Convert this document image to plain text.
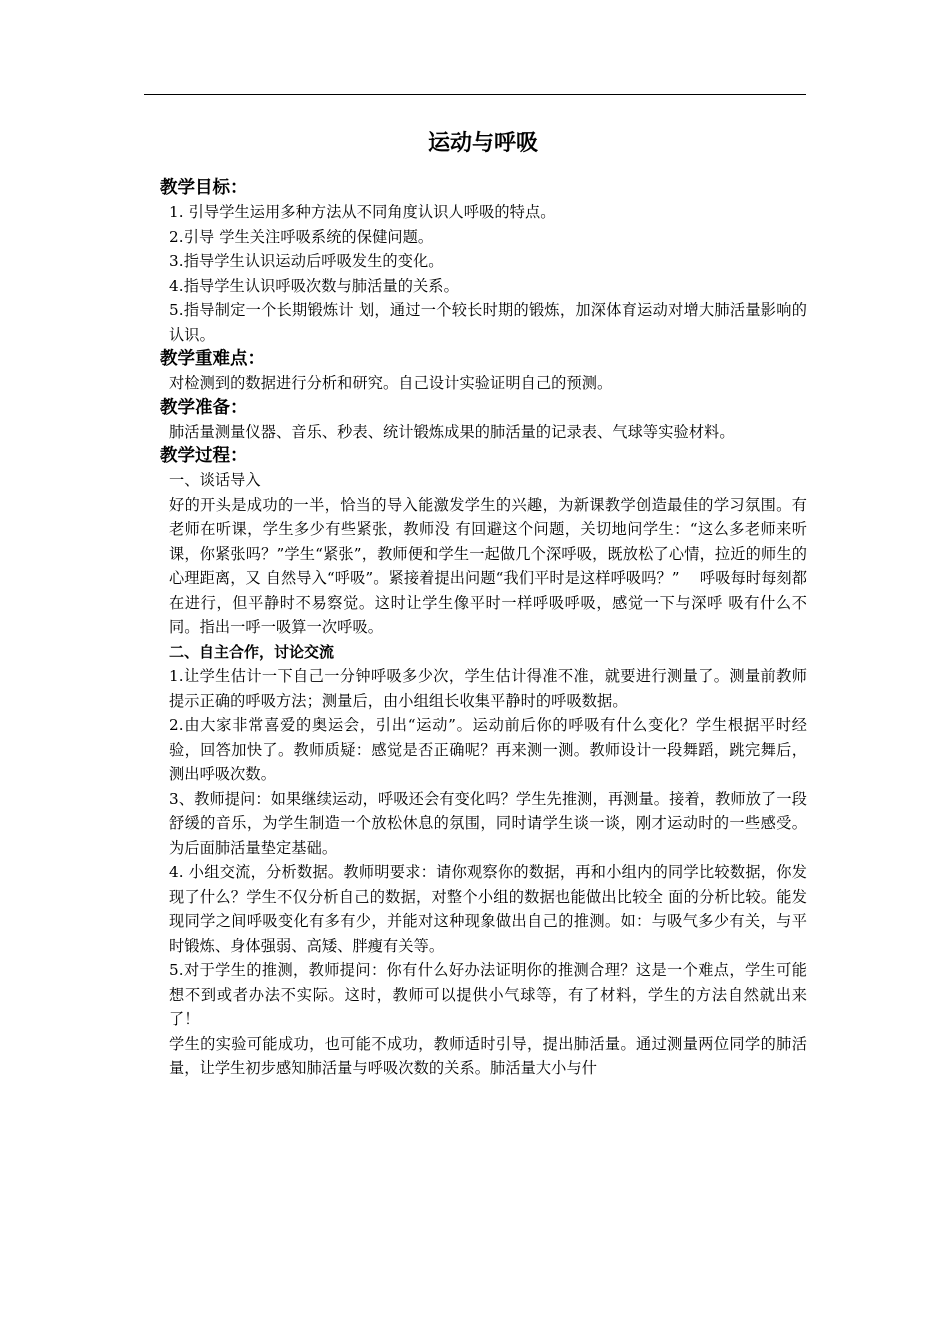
运动与呼吸
教学目标：

1. 引导学生运用多种方法从不同角度认识人呼吸的特点。

2.引导 学生关注呼吸系统的保健问题。

3.指导学生认识运动后呼吸发生的变化。

4.指导学生认识呼吸次数与肺活量的关系。

5.指导制定一个长期锻炼计 划，通过一个较长时期的锻炼，加深体育运动对增大肺活量影响的认识。

教学重难点：

对检测到的数据进行分析和研究。自己设计实验证明自己的预测。

教学准备：

肺活量测量仪器、音乐、秒表、统计锻炼成果的肺活量的记录表、气球等实验材料。

教学过程：

一、谈话导入

好的开头是成功的一半，恰当的导入能激发学生的兴趣，为新课教学创造最佳的学习氛围。有老师在听课，学生多少有些紧张，教师没 有回避这个问题，关切地问学生：“这么多老师来听课，你紧张吗？”学生“紧张”，教师便和学生一起做几个深呼吸，既放松了心情，拉近的师生的心理距离，又 自然导入“呼吸”。紧接着提出问题“我们平时是这样呼吸吗？”　 呼吸每时每刻都在进行，但平静时不易察觉。这时让学生像平时一样呼吸呼吸，感觉一下与深呼 吸有什么不同。指出一呼一吸算一次呼吸。

二、自主合作，讨论交流

1.让学生估计一下自己一分钟呼吸多少次，学生估计得准不准，就要进行测量了。测量前教师提示正确的呼吸方法；测量后，由小组组长收集平静时的呼吸数据。

2.由大家非常喜爱的奥运会，引出“运动”。运动前后你的呼吸有什么变化？学生根据平时经验，回答加快了。教师质疑：感觉是否正确呢？再来测一测。教师设计一段舞蹈，跳完舞后，测出呼吸次数。

3、教师提问：如果继续运动，呼吸还会有变化吗？学生先推测，再测量。接着，教师放了一段舒缓的音乐，为学生制造一个放松休息的氛围，同时请学生谈一谈，刚才运动时的一些感受。为后面肺活量垫定基础。

4. 小组交流，分析数据。教师明要求：请你观察你的数据，再和小组内的同学比较数据，你发现了什么？学生不仅分析自己的数据，对整个小组的数据也能做出比较全 面的分析比较。能发现同学之间呼吸变化有多有少，并能对这种现象做出自己的推测。如：与吸气多少有关，与平时锻炼、身体强弱、高矮、胖瘦有关等。

5.对于学生的推测，教师提问：你有什么好办法证明你的推测合理？这是一个难点，学生可能想不到或者办法不实际。这时，教师可以提供小气球等，有了材料，学生的方法自然就出来了！

学生的实验可能成功，也可能不成功，教师适时引导，提出肺活量。通过测量两位同学的肺活量，让学生初步感知肺活量与呼吸次数的关系。肺活量大小与什
